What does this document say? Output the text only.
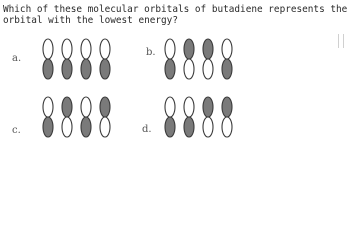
Which of these molecular orbitals of butadiene represents the
orbital with the lowest energy?
a.
b.
c.	d.
